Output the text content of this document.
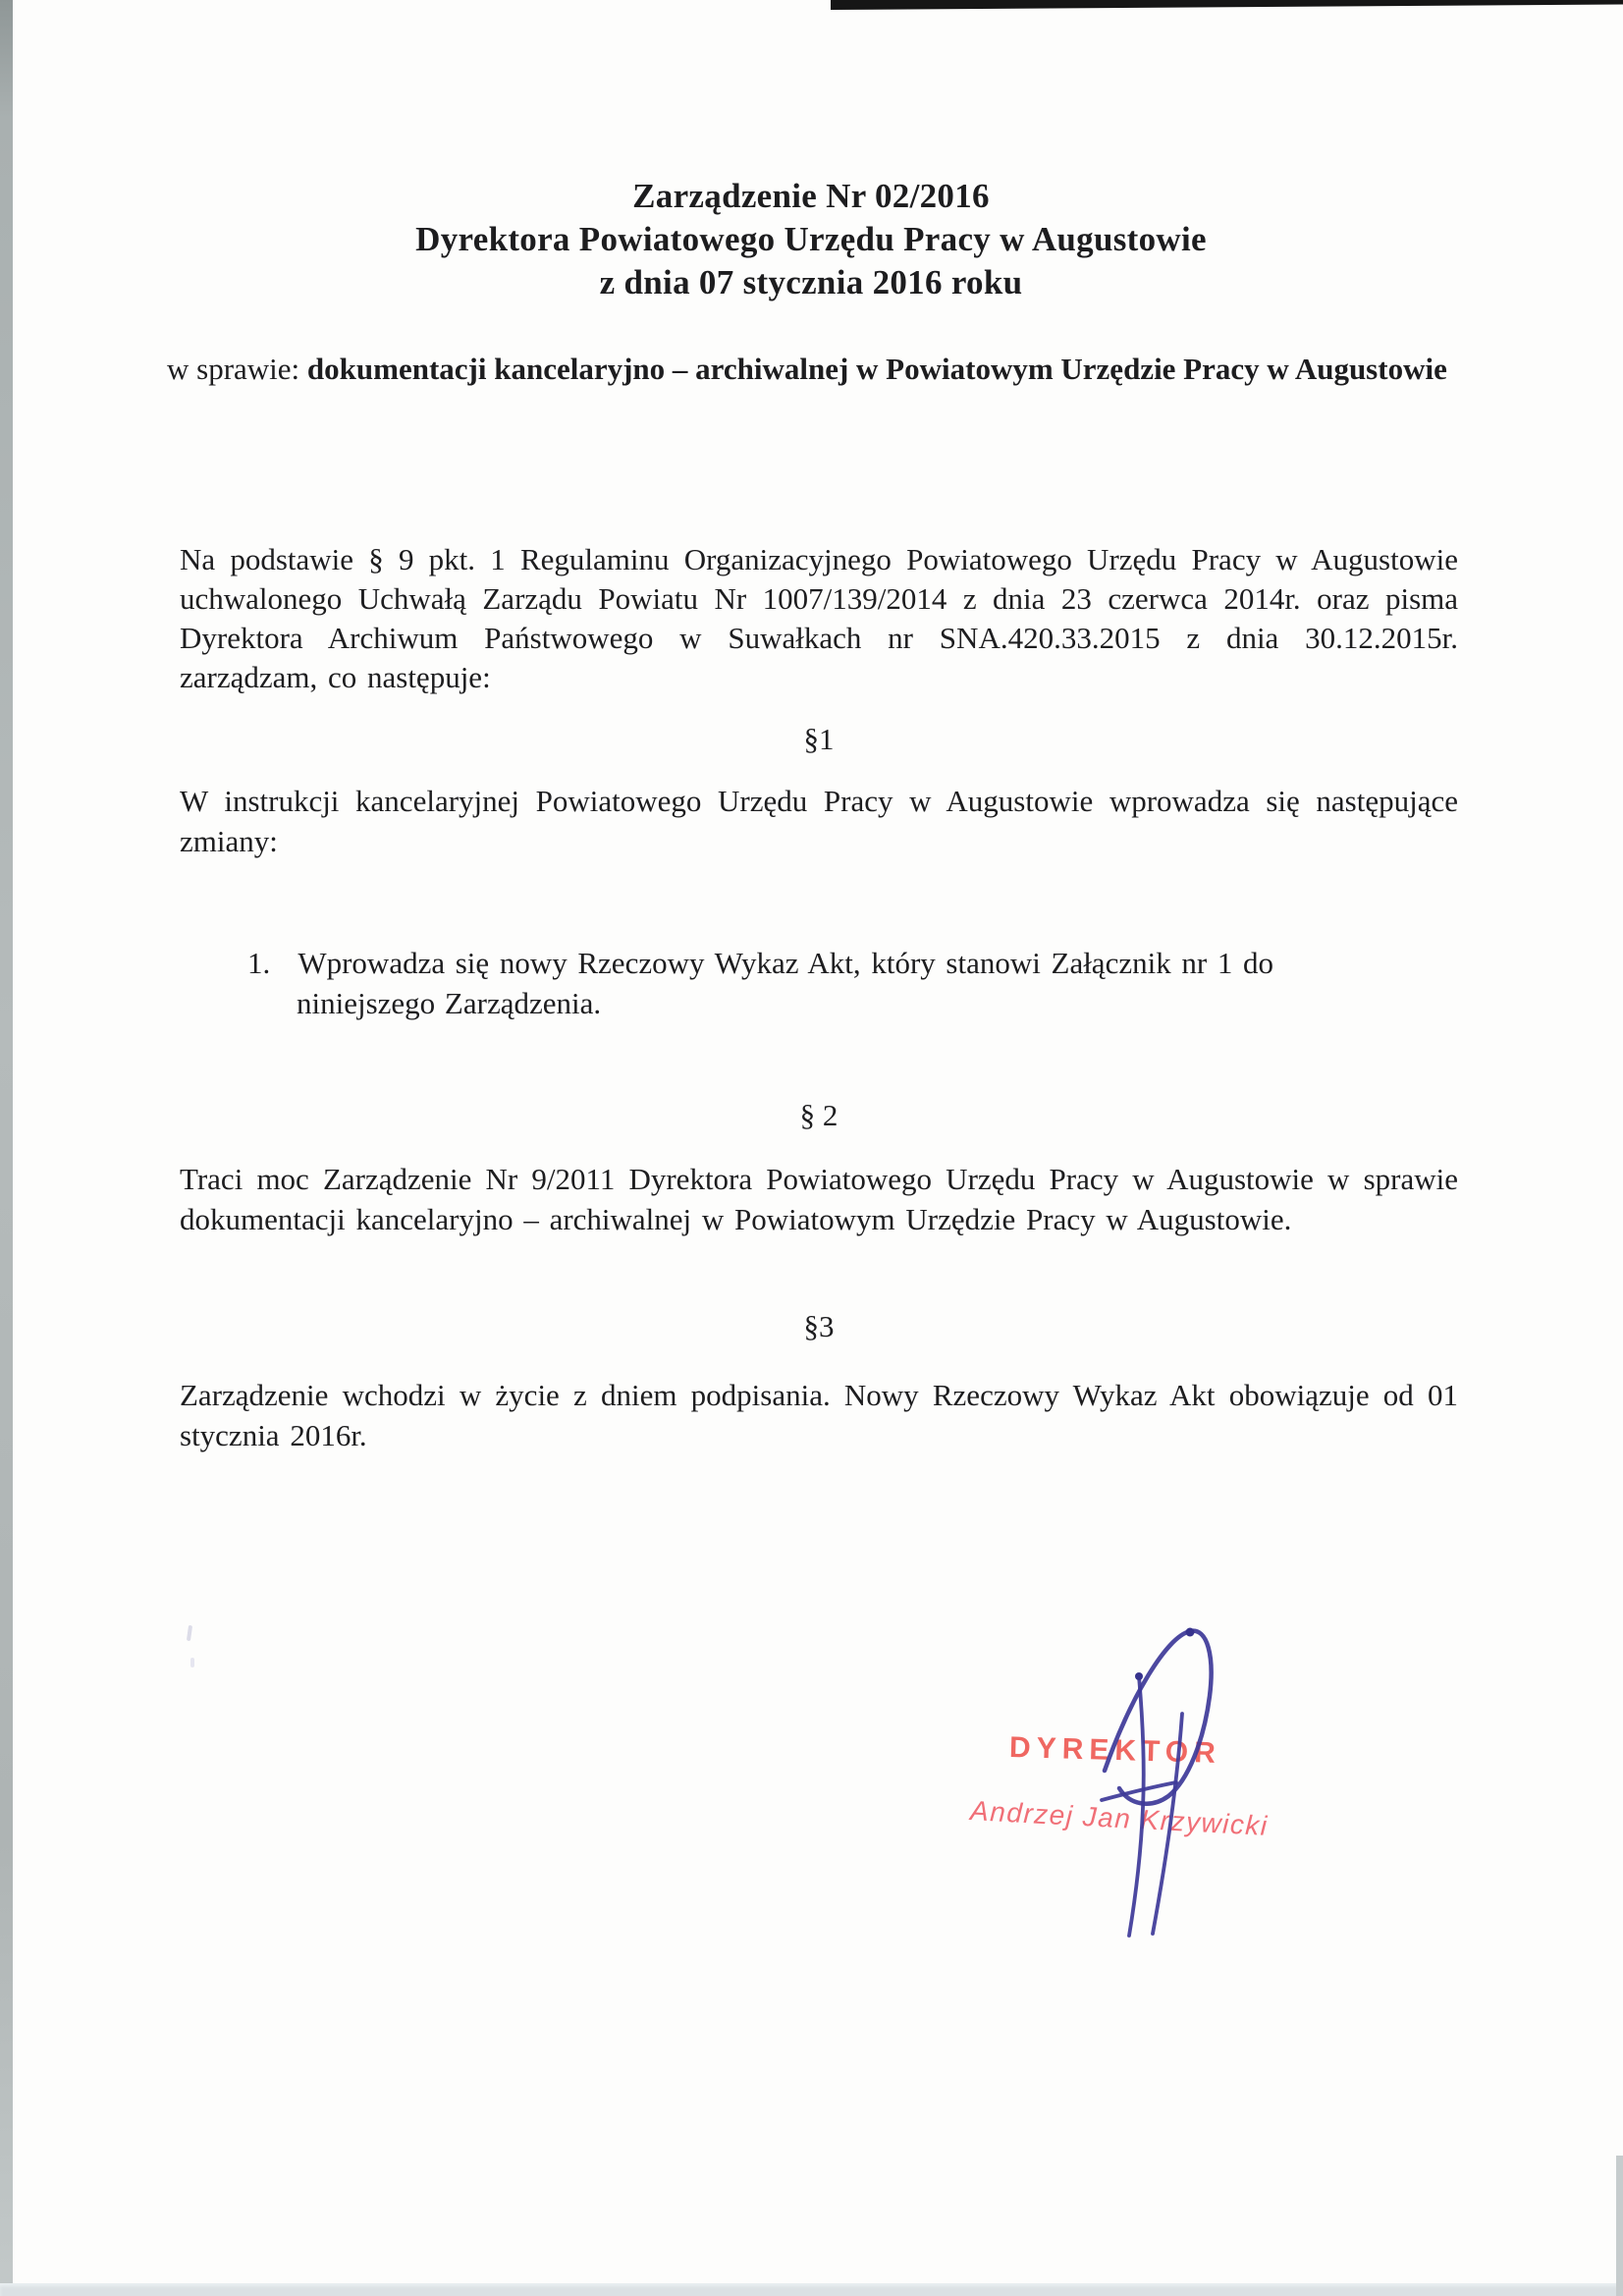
Zarządzenie Nr 02/2016
Dyrektora Powiatowego Urzędu Pracy w Augustowie
z dnia 07 stycznia 2016 roku
w sprawie: dokumentacji kancelaryjno – archiwalnej w Powiatowym Urzędzie Pracy w Augustowie
Na podstawie § 9 pkt. 1 Regulaminu Organizacyjnego Powiatowego Urzędu Pracy w Augustowie uchwalonego Uchwałą Zarządu Powiatu Nr 1007/139/2014 z dnia 23 czerwca 2014r. oraz pisma Dyrektora Archiwum Państwowego w Suwałkach nr SNA.420.33.2015 z dnia 30.12.2015r. zarządzam, co następuje:
§1
W instrukcji kancelaryjnej Powiatowego Urzędu Pracy w Augustowie wprowadza się następujące zmiany:
1. Wprowadza się nowy Rzeczowy Wykaz Akt, który stanowi Załącznik nr 1 do niniejszego Zarządzenia.
§ 2
Traci moc Zarządzenie Nr 9/2011 Dyrektora Powiatowego Urzędu Pracy w Augustowie w sprawie dokumentacji kancelaryjno – archiwalnej w Powiatowym Urzędzie Pracy w Augustowie.
§3
Zarządzenie wchodzi w życie z dniem podpisania. Nowy Rzeczowy Wykaz Akt obowiązuje od 01 stycznia 2016r.
DYREKTOR
Andrzej Jan Krzywicki
